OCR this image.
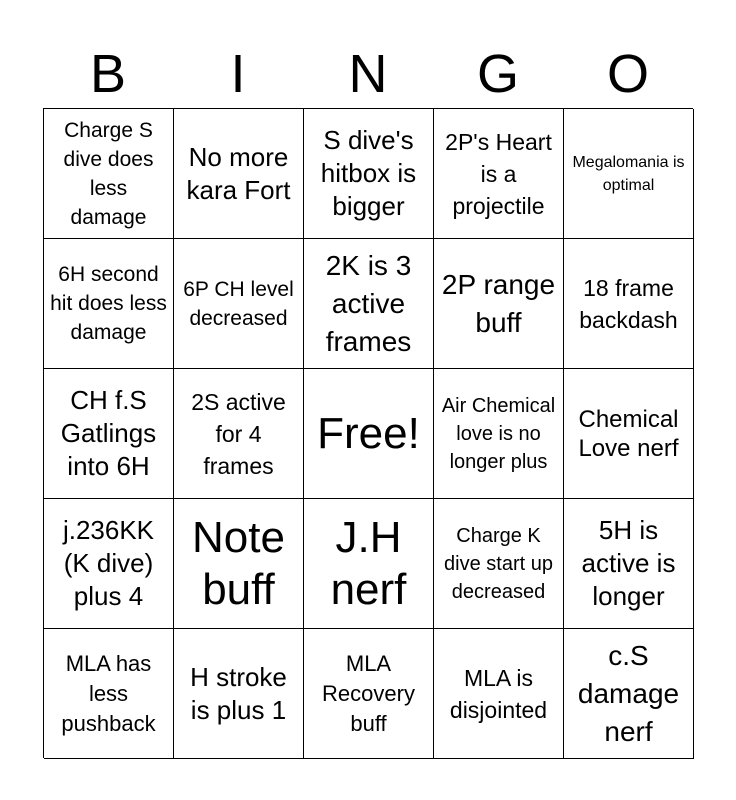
B	I	N	G	O
Charge S dive does less damage
No more kara Fort
S dive's hitbox is bigger
2P's Heart is a projectile
Megalomania is optimal
6H second hit does less damage
6P CH level decreased
2K is 3 active frames
2P range buff
18 frame backdash
CH f.S Gatlings into 6H
2S active for 4 frames
Free!
Air Chemical love is no longer plus
Chemical Love nerf
j.236KK (K dive) plus 4
Note buff
J.H nerf
Charge K dive start up decreased
5H is active is longer
MLA has less pushback
H stroke is plus 1
MLA Recovery buff
MLA is disjointed
c.S damage nerf
